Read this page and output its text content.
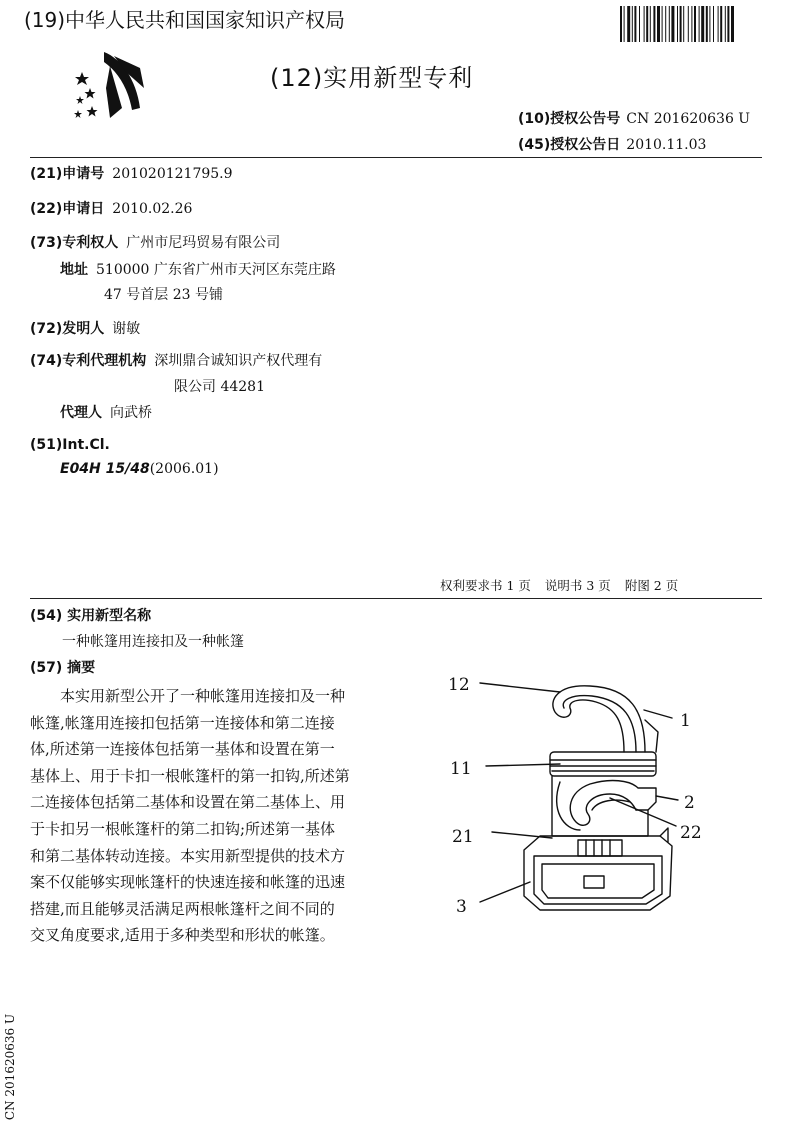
(19)中华人民共和国国家知识产权局
(12)实用新型专利
(10)授权公告号 CN 201620636 U
(45)授权公告日 2010.11.03
(21)申请号 201020121795.9
(22)申请日 2010.02.26
(73)专利权人 广州市尼玛贸易有限公司
地址 510000 广东省广州市天河区东莞庄路
47 号首层 23 号铺
(72)发明人 谢敏
(74)专利代理机构 深圳鼎合诚知识产权代理有
限公司 44281
代理人 向武桥
(51)Int.Cl.
E04H 15/48(2006.01)
权利要求书 1 页 说明书 3 页 附图 2 页
(54) 实用新型名称
一种帐篷用连接扣及一种帐篷
(57) 摘要
　　本实用新型公开了一种帐篷用连接扣及一种
帐篷,帐篷用连接扣包括第一连接体和第二连接
体,所述第一连接体包括第一基体和设置在第一
基体上、用于卡扣一根帐篷杆的第一扣钩,所述第
二连接体包括第二基体和设置在第二基体上、用
于卡扣另一根帐篷杆的第二扣钩;所述第一基体
和第二基体转动连接。本实用新型提供的技术方
案不仅能够实现帐篷杆的快速连接和帐篷的迅速
搭建,而且能够灵活满足两根帐篷杆之间不同的
交叉角度要求,适用于多种类型和形状的帐篷。
12
1
11
2
21	22
3
CN 201620636 U
